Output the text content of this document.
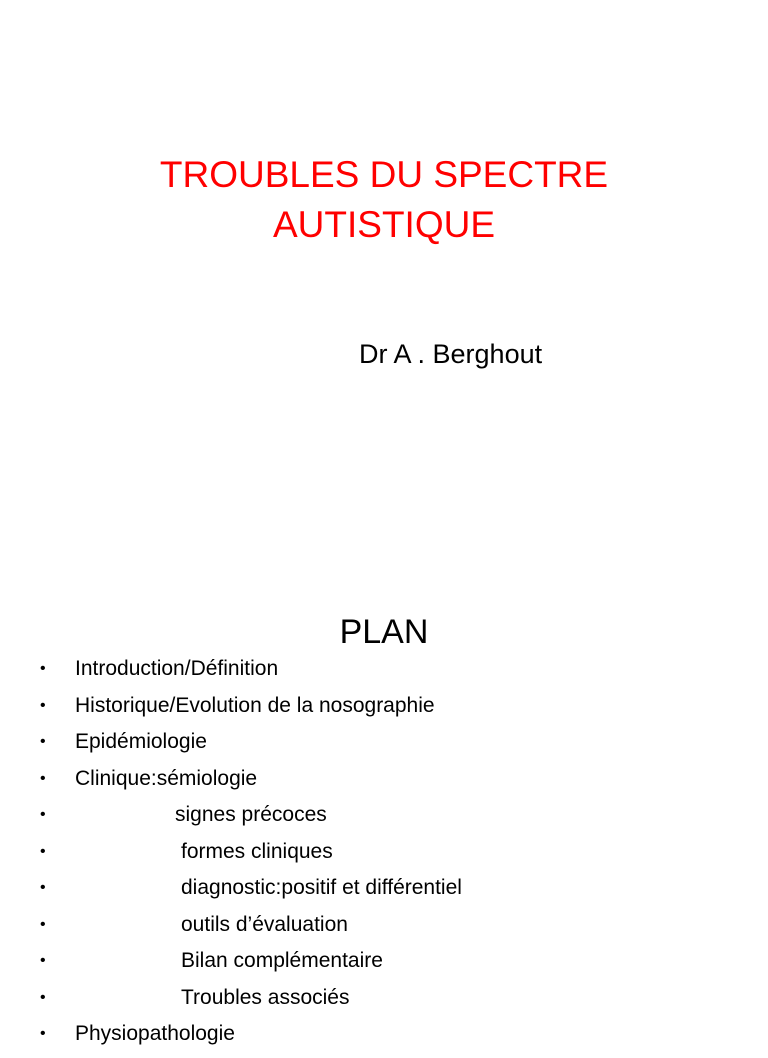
TROUBLES DU SPECTRE
AUTISTIQUE

Dr A . Berghout

PLAN
•	Introduction/Définition
•	Historique/Evolution de la nosographie
•	Epidémiologie
•	Clinique:sémiologie
•	signes précoces
•	formes cliniques
•	diagnostic:positif et différentiel
•	outils d’évaluation
•	Bilan complémentaire
•	Troubles associés
•	Physiopathologie
